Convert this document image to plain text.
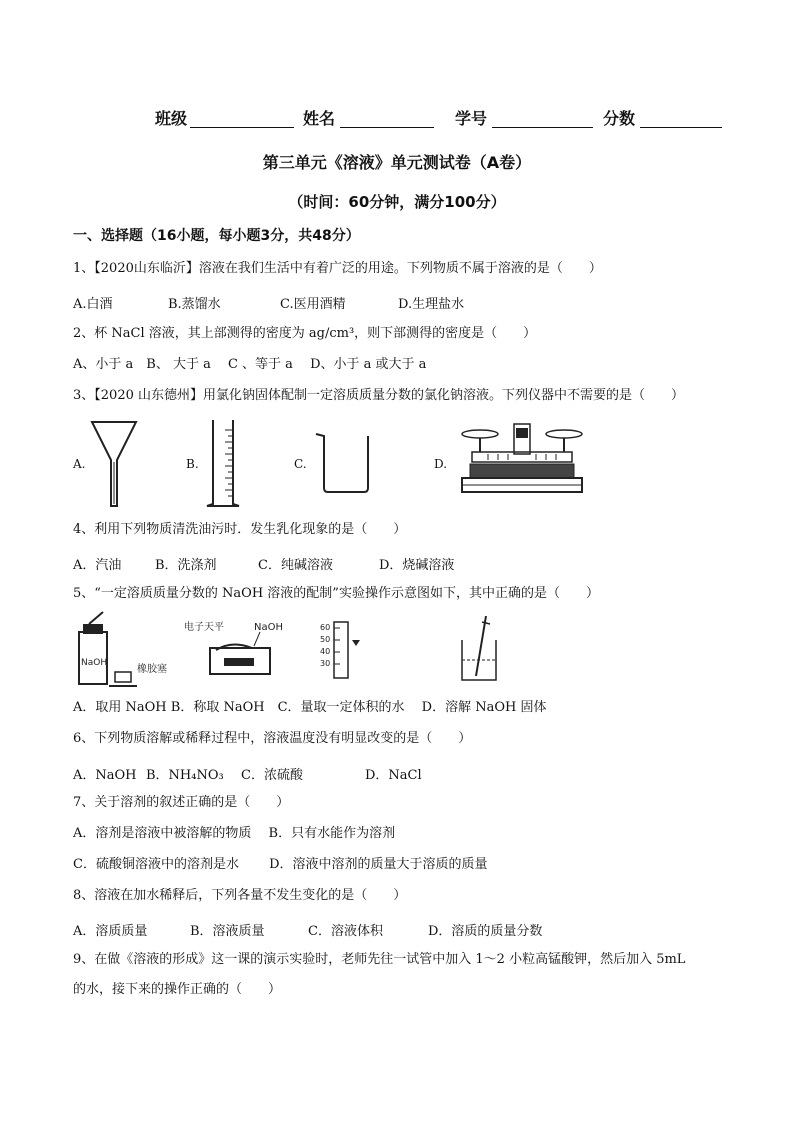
班级	姓名	学号	分数
第三单元《溶液》单元测试卷（A卷）
（时间：60分钟，满分100分）
一、选择题（16小题，每小题3分，共48分）
1、【2020山东临沂】溶液在我们生活中有着广泛的用途。下列物质不属于溶液的是（　　）
A.白酒	B.蒸馏水	C.医用酒精	D.生理盐水
2、杯 NaCl 溶液，其上部测得的密度为 ag/cm³，则下部测得的密度是（　　）
A、小于 a　B、 大于 a　 C 、等于 a　 D、小于 a 或大于 a
3、【2020 山东德州】用氯化钠固体配制一定溶质质量分数的氯化钠溶液。下列仪器中不需要的是（　　）
A.	B.	C.	D.
4、利用下列物质清洗油污时．发生乳化现象的是（　　）
A．汽油	B．洗涤剂	C．纯碱溶液	D．烧碱溶液
5、“一定溶质质量分数的 NaOH 溶液的配制”实验操作示意图如下，其中正确的是（　　）
NaOH
橡胶塞
电子天平	NaOH	60
50
40
30
A．取用 NaOH B．称取 NaOH　C．量取一定体积的水　 D．溶解 NaOH 固体
6、下列物质溶解或稀释过程中，溶液温度没有明显改变的是（　　）
A．NaOH B．NH₄NO₃ C．浓硫酸	D．NaCl
7、关于溶剂的叙述正确的是（　　）
A．溶剂是溶液中被溶解的物质　 B．只有水能作为溶剂
C．硫酸铜溶液中的溶剂是水　　 D．溶液中溶剂的质量大于溶质的质量
8、溶液在加水稀释后，下列各量不发生变化的是（　　）
A．溶质质量	B．溶液质量	C．溶液体积	D．溶质的质量分数
9、在做《溶液的形成》这一课的演示实验时，老师先往一试管中加入 1～2 小粒高锰酸钾，然后加入 5mL
的水，接下来的操作正确的（　　）
